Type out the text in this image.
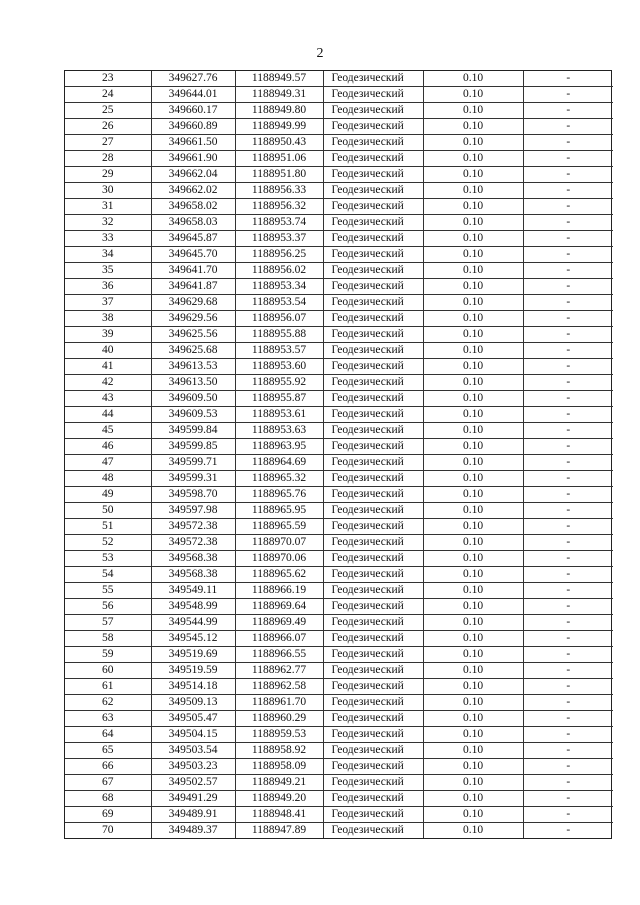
2
23	349627.76	1188949.57	Геодезический	0.10	-
24	349644.01	1188949.31	Геодезический	0.10	-
25	349660.17	1188949.80	Геодезический	0.10	-
26	349660.89	1188949.99	Геодезический	0.10	-
27	349661.50	1188950.43	Геодезический	0.10	-
28	349661.90	1188951.06	Геодезический	0.10	-
29	349662.04	1188951.80	Геодезический	0.10	-
30	349662.02	1188956.33	Геодезический	0.10	-
31	349658.02	1188956.32	Геодезический	0.10	-
32	349658.03	1188953.74	Геодезический	0.10	-
33	349645.87	1188953.37	Геодезический	0.10	-
34	349645.70	1188956.25	Геодезический	0.10	-
35	349641.70	1188956.02	Геодезический	0.10	-
36	349641.87	1188953.34	Геодезический	0.10	-
37	349629.68	1188953.54	Геодезический	0.10	-
38	349629.56	1188956.07	Геодезический	0.10	-
39	349625.56	1188955.88	Геодезический	0.10	-
40	349625.68	1188953.57	Геодезический	0.10	-
41	349613.53	1188953.60	Геодезический	0.10	-
42	349613.50	1188955.92	Геодезический	0.10	-
43	349609.50	1188955.87	Геодезический	0.10	-
44	349609.53	1188953.61	Геодезический	0.10	-
45	349599.84	1188953.63	Геодезический	0.10	-
46	349599.85	1188963.95	Геодезический	0.10	-
47	349599.71	1188964.69	Геодезический	0.10	-
48	349599.31	1188965.32	Геодезический	0.10	-
49	349598.70	1188965.76	Геодезический	0.10	-
50	349597.98	1188965.95	Геодезический	0.10	-
51	349572.38	1188965.59	Геодезический	0.10	-
52	349572.38	1188970.07	Геодезический	0.10	-
53	349568.38	1188970.06	Геодезический	0.10	-
54	349568.38	1188965.62	Геодезический	0.10	-
55	349549.11	1188966.19	Геодезический	0.10	-
56	349548.99	1188969.64	Геодезический	0.10	-
57	349544.99	1188969.49	Геодезический	0.10	-
58	349545.12	1188966.07	Геодезический	0.10	-
59	349519.69	1188966.55	Геодезический	0.10	-
60	349519.59	1188962.77	Геодезический	0.10	-
61	349514.18	1188962.58	Геодезический	0.10	-
62	349509.13	1188961.70	Геодезический	0.10	-
63	349505.47	1188960.29	Геодезический	0.10	-
64	349504.15	1188959.53	Геодезический	0.10	-
65	349503.54	1188958.92	Геодезический	0.10	-
66	349503.23	1188958.09	Геодезический	0.10	-
67	349502.57	1188949.21	Геодезический	0.10	-
68	349491.29	1188949.20	Геодезический	0.10	-
69	349489.91	1188948.41	Геодезический	0.10	-
70	349489.37	1188947.89	Геодезический	0.10	-
